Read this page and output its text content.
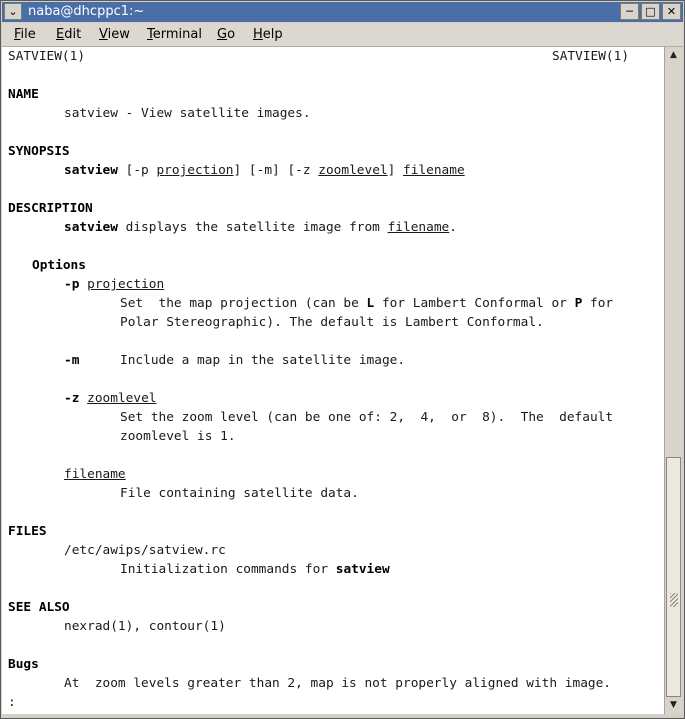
⌄ naba@dhcppc1:~	─	□	✕
File Edit View Terminal Go Help
SATVIEW(1)	SATVIEW(1)
NAME
satview - View satellite images.
SYNOPSIS
satview [-p projection] [-m] [-z zoomlevel] filename
DESCRIPTION
satview displays the satellite image from filename.
Options
-p projection
Set  the map projection (can be L for Lambert Conformal or P for
Polar Stereographic). The default is Lambert Conformal.
-m	Include a map in the satellite image.
-z zoomlevel
Set the zoom level (can be one of: 2,  4,  or  8).  The  default
zoomlevel is 1.
filename
File containing satellite data.
FILES
/etc/awips/satview.rc
Initialization commands for satview
SEE ALSO
nexrad(1), contour(1)
Bugs
At  zoom levels greater than 2, map is not properly aligned with image.
:
▲
▼
